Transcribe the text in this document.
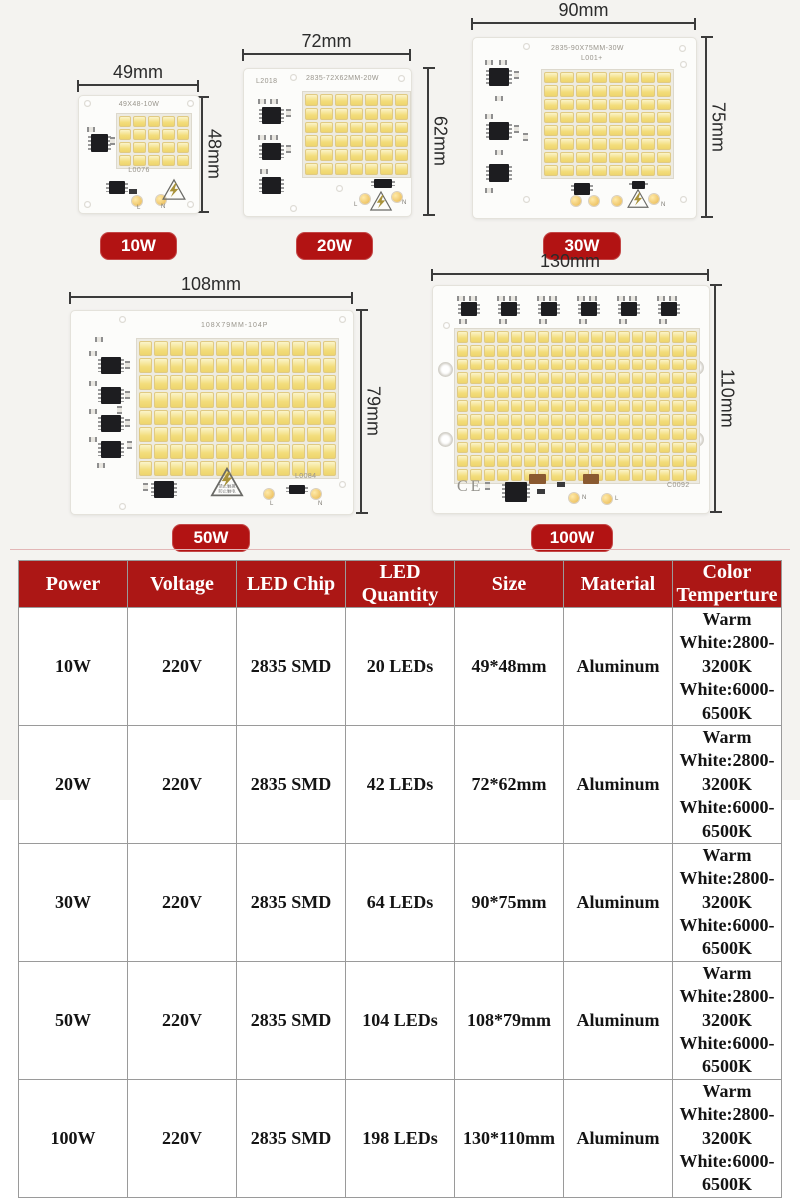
49mm
48mm
49X48-10W
L0076
L	N
10W
72mm
62mm
L2018	2835-72X62MM-20W
L	N
20W
90mm
75mm
2835-90X75MM-30W
L001+
N
30W
108mm
79mm
108X79MM-104P
禁止触摸
防止触电
L0084
L	N
50W
130mm
110mm
CE
N	L
C0092
100W
Power	Voltage	LED Chip	LED Quantity	Size	Material	Color Temperture
10W	220V	2835 SMD	20 LEDs	49*48mm	Aluminum	Warm White:2800-3200K
White:6000-6500K

20W	220V	2835 SMD	42 LEDs	72*62mm	Aluminum	Warm White:2800-3200K
White:6000-6500K

30W	220V	2835 SMD	64 LEDs	90*75mm	Aluminum	Warm White:2800-3200K
White:6000-6500K

50W	220V	2835 SMD	104 LEDs	108*79mm	Aluminum	Warm White:2800-3200K
White:6000-6500K

100W	220V	2835 SMD	198 LEDs	130*110mm	Aluminum	Warm White:2800-3200K
White:6000-6500K
